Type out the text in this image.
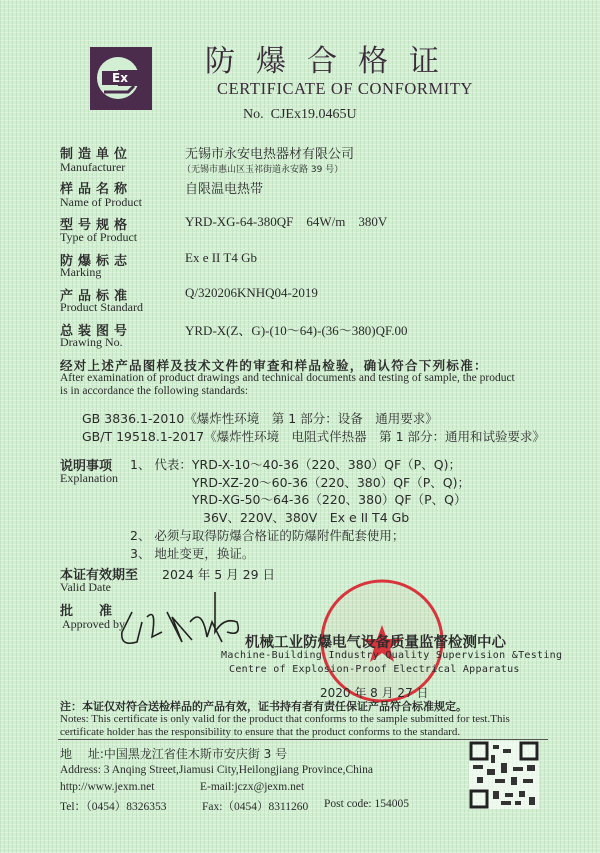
Ex	防爆合格证
CERTIFICATE OF CONFORMITY
No.  CJEx19.0465U
制造单位
Manufacturer
无锡市永安电热器材有限公司
（无锡市惠山区玉祁街道永安路 39 号）
样品名称
Name of Product
自限温电热带
型号规格
Type of Product
YRD-XG-64-380QF    64W/m    380V
防爆标志
Marking
Ex e II T4 Gb
产品标准
Product Standard
Q/320206KNHQ04-2019
总装图号
Drawing No.
YRD-X(Z、G)-(10～64)-(36～380)QF.00
经对上述产品图样及技术文件的审查和样品检验，确认符合下列标准：
After examination of product drawings and technical documents and testing of sample, the product
is in accordance the following standards:
GB 3836.1-2010《爆炸性环境　第 1 部分：设备　通用要求》
GB/T 19518.1-2017《爆炸性环境　电阻式伴热器　第 1 部分：通用和试验要求》
说明事项
Explanation
1、 代表：YRD-X-10～40-36（220、380）QF（P、Q)；
YRD-XZ-20～60-36（220、380）QF（P、Q)；
YRD-XG-50～64-36（220、380）QF（P、Q）
36V、220V、380V　Ex e II T4 Gb
2、 必须与取得防爆合格证的防爆附件配套使用；
3、 地址变更，换证。
本证有效期至
Valid Date
2024 年 5 月 29 日
批　　准
Approved by
机械工业防爆电气设备质量监督检测中心
Machine-Building Industry Quality Supervision &Testing
Centre of Explosion-Proof Electrical Apparatus
2020 年 8 月 27 日
注：本证仅对符合送检样品的产品有效，证书持有者有责任保证产品符合标准规定。
Notes: This certificate is only valid for the product that conforms to the sample submitted for test.This
certificate holder has the responsibility to ensure that the product conforms to the standard.
地　 址:中国黑龙江省佳木斯市安庆街 3 号
Address: 3 Anqing Street,Jiamusi City,Heilongjiang Province,China
http://www.jexm.net	E-mail:jczx@jexm.net
Tel：（0454）8326353	Fax:（0454）8311260 Post code: 154005
